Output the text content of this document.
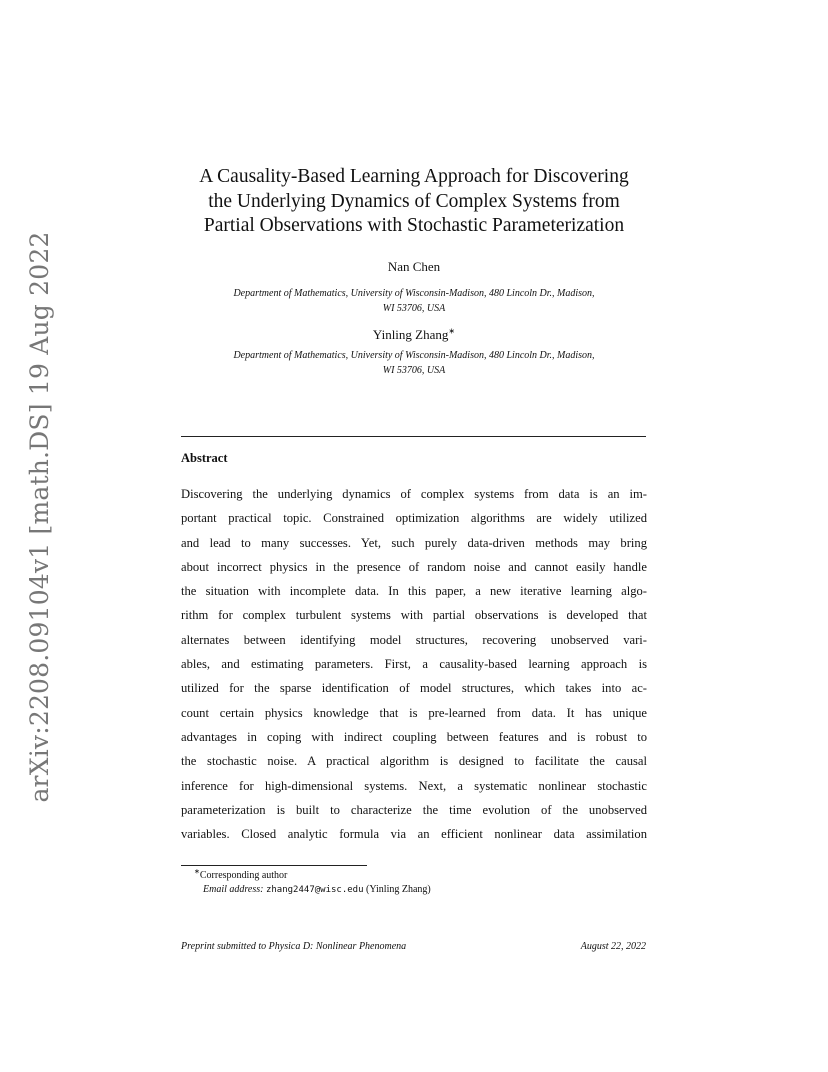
arXiv:2208.09104v1 [math.DS] 19 Aug 2022
A Causality-Based Learning Approach for Discovering
the Underlying Dynamics of Complex Systems from
Partial Observations with Stochastic Parameterization
Nan Chen
Department of Mathematics, University of Wisconsin-Madison, 480 Lincoln Dr., Madison,
WI 53706, USA
Yinling Zhang∗
Department of Mathematics, University of Wisconsin-Madison, 480 Lincoln Dr., Madison,
WI 53706, USA
Abstract
Discovering the underlying dynamics of complex systems from data is an im-
portant practical topic. Constrained optimization algorithms are widely utilized
and lead to many successes. Yet, such purely data-driven methods may bring
about incorrect physics in the presence of random noise and cannot easily handle
the situation with incomplete data. In this paper, a new iterative learning algo-
rithm for complex turbulent systems with partial observations is developed that
alternates between identifying model structures, recovering unobserved vari-
ables, and estimating parameters. First, a causality-based learning approach is
utilized for the sparse identification of model structures, which takes into ac-
count certain physics knowledge that is pre-learned from data. It has unique
advantages in coping with indirect coupling between features and is robust to
the stochastic noise. A practical algorithm is designed to facilitate the causal
inference for high-dimensional systems. Next, a systematic nonlinear stochastic
parameterization is built to characterize the time evolution of the unobserved
variables. Closed analytic formula via an efficient nonlinear data assimilation
∗Corresponding author
Email address: zhang2447@wisc.edu (Yinling Zhang)
Preprint submitted to Physica D: Nonlinear Phenomena	August 22, 2022
